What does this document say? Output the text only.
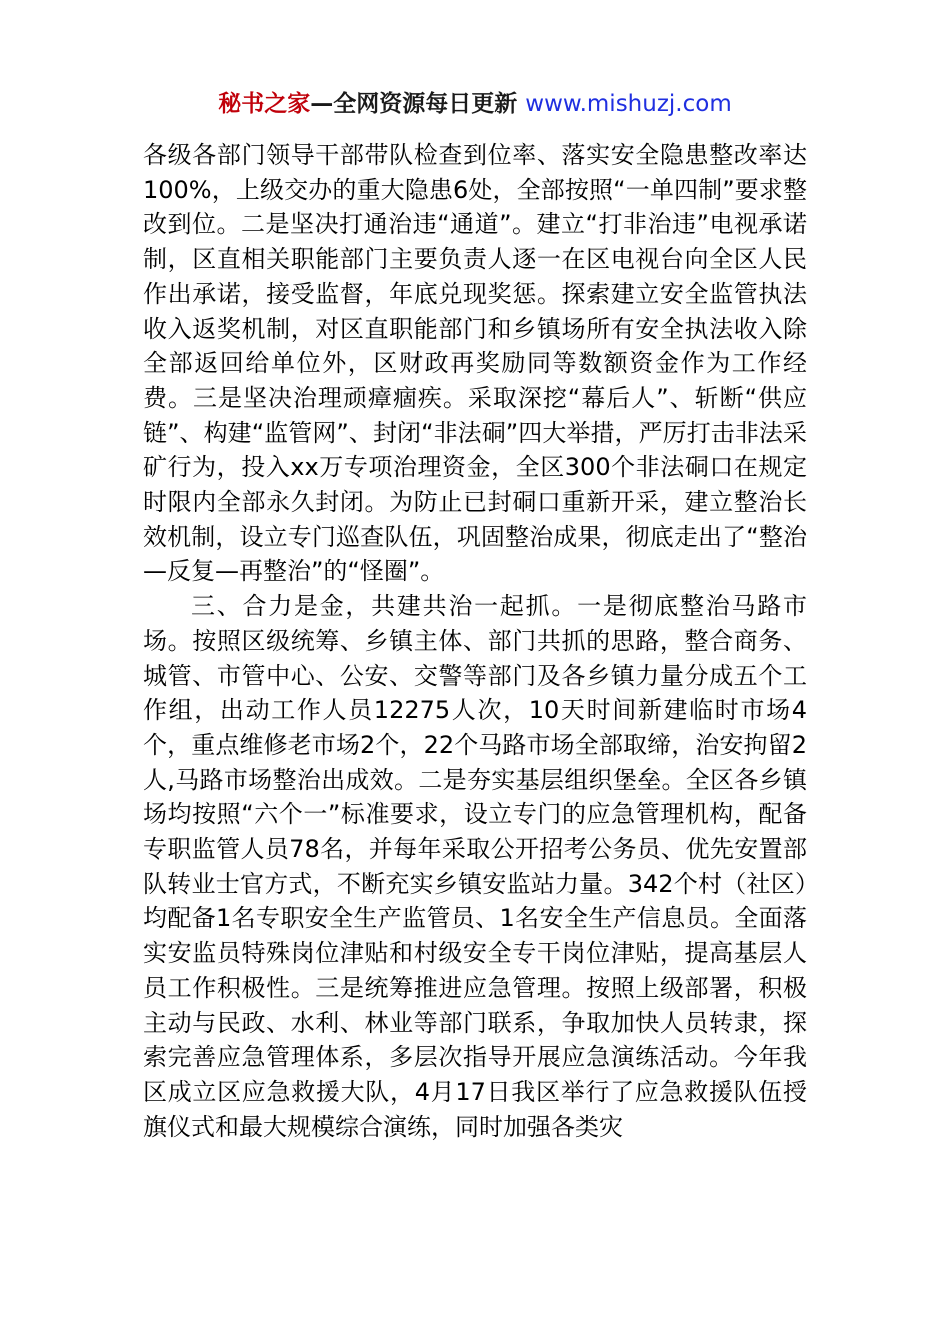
秘书之家—全网资源每日更新 www.mishuzj.com

各级各部门领导干部带队检查到位率、落实安全隐患整改率达100%，上级交办的重大隐患6处，全部按照“一单四制”要求整改到位。二是坚决打通治违“通道”。建立“打非治违”电视承诺制，区直相关职能部门主要负责人逐一在区电视台向全区人民作出承诺，接受监督，年底兑现奖惩。探索建立安全监管执法收入返奖机制，对区直职能部门和乡镇场所有安全执法收入除全部返回给单位外，区财政再奖励同等数额资金作为工作经费。三是坚决治理顽瘴痼疾。采取深挖“幕后人”、斩断“供应链”、构建“监管网”、封闭“非法硐”四大举措，严厉打击非法采矿行为，投入xx万专项治理资金，全区300个非法硐口在规定时限内全部永久封闭。为防止已封硐口重新开采，建立整治长效机制，设立专门巡查队伍，巩固整治成果，彻底走出了“整治—反复—再整治”的“怪圈”。

三、合力是金，共建共治一起抓。一是彻底整治马路市场。按照区级统筹、乡镇主体、部门共抓的思路，整合商务、城管、市管中心、公安、交警等部门及各乡镇力量分成五个工作组，出动工作人员12275人次，10天时间新建临时市场4个，重点维修老市场2个，22个马路市场全部取缔，治安拘留2人,马路市场整治出成效。二是夯实基层组织堡垒。全区各乡镇场均按照“六个一”标准要求，设立专门的应急管理机构，配备专职监管人员78名，并每年采取公开招考公务员、优先安置部队转业士官方式，不断充实乡镇安监站力量。342个村（社区）均配备1名专职安全生产监管员、1名安全生产信息员。全面落实安监员特殊岗位津贴和村级安全专干岗位津贴，提高基层人员工作积极性。三是统筹推进应急管理。按照上级部署，积极主动与民政、水利、林业等部门联系，争取加快人员转隶，探索完善应急管理体系，多层次指导开展应急演练活动。今年我区成立区应急救援大队，4月17日我区举行了应急救援队伍授旗仪式和最大规模综合演练，同时加强各类灾
